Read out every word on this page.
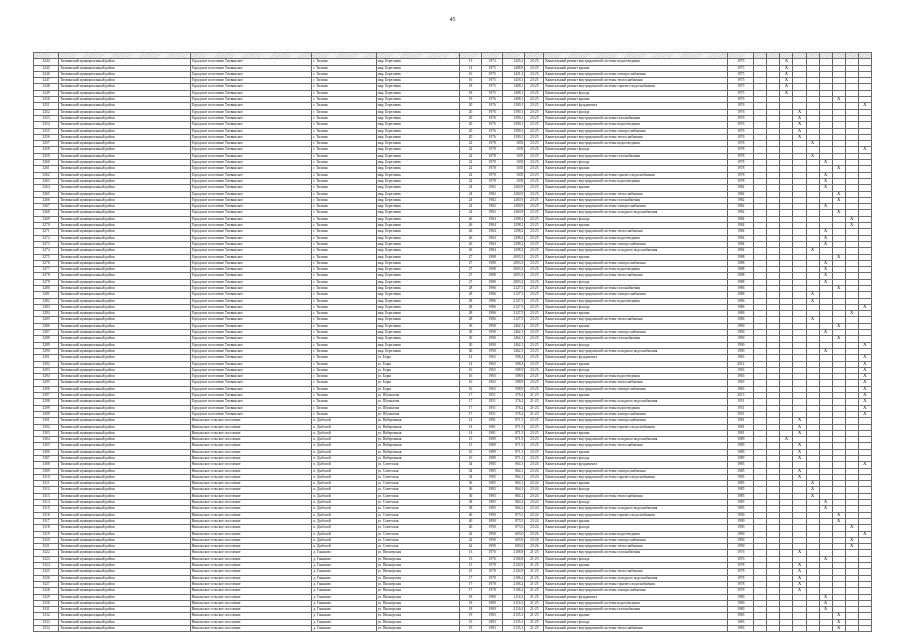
45

3244	Тихвинский муниципальный район	Городское поселение Тихвинское	г. Тихвин	мкр. Березовик	13	1973	1425,2	23-25	Капитальный ремонт внутридомовой системы водоотведения	1973			X						
3245	Тихвинский муниципальный район	Городское поселение Тихвинское	г. Тихвин	мкр. Березовик	14	1975	1408,9	23-25	Капитальный ремонт крыши	1975			X						
3246	Тихвинский муниципальный район	Городское поселение Тихвинское	г. Тихвин	мкр. Березовик	16	1975	1421,1	23-25	Капитальный ремонт внутридомовой системы электроснабжения	1975			X						
3247	Тихвинский муниципальный район	Городское поселение Тихвинское	г. Тихвин	мкр. Березовик	16	1975	1418,1	23-25	Капитальный ремонт внутридомовой системы теплоснабжения	1975			X						
3248	Тихвинский муниципальный район	Городское поселение Тихвинское	г. Тихвин	мкр. Березовик	18	1975	1408,1	23-25	Капитальный ремонт внутридомовой системы горячего водоснабжения	1975			X						
3249	Тихвинский муниципальный район	Городское поселение Тихвинское	г. Тихвин	мкр. Березовик	18	1975	1408,1	23-25	Капитальный ремонт фасада	1975			X						
3250	Тихвинский муниципальный район	Городское поселение Тихвинское	г. Тихвин	мкр. Березовик	19	1976	1408,1	23-25	Капитальный ремонт крыши	1976							X		
3251	Тихвинский муниципальный район	Городское поселение Тихвинское	г. Тихвин	мкр. Березовик	20	1976	1390,1	23-25	Капитальный ремонт фундамента	1976									X
3252	Тихвинский муниципальный район	Городское поселение Тихвинское	г. Тихвин	мкр. Березовик	20	1976	1390,1	23-25	Капитальный ремонт фасада	1976				X					
3253	Тихвинский муниципальный район	Городское поселение Тихвинское	г. Тихвин	мкр. Березовик	20	1976	1390,1	23-25	Капитальный ремонт внутридомовой системы газоснабжения	1976				X					
3254	Тихвинский муниципальный район	Городское поселение Тихвинское	г. Тихвин	мкр. Березовик	20	1976	1390,1	23-25	Капитальный ремонт внутридомовой системы водоотведения	1976				X					
3255	Тихвинский муниципальный район	Городское поселение Тихвинское	г. Тихвин	мкр. Березовик	20	1976	1390,1	23-25	Капитальный ремонт внутридомовой системы электроснабжения	1976				X					
3256	Тихвинский муниципальный район	Городское поселение Тихвинское	г. Тихвин	мкр. Березовик	20	1976	1390,1	23-25	Капитальный ремонт внутридомовой системы теплоснабжения	1976				X					
3257	Тихвинский муниципальный район	Городское поселение Тихвинское	г. Тихвин	мкр. Березовик	22	1978	1035	23-25	Капитальный ремонт внутридомовой системы водоотведения	1978					X				
3258	Тихвинский муниципальный район	Городское поселение Тихвинское	г. Тихвин	мкр. Березовик	22	1978	1035	23-25	Капитальный ремонт фасада	1978									X
3259	Тихвинский муниципальный район	Городское поселение Тихвинское	г. Тихвин	мкр. Березовик	22	1978	1035	23-25	Капитальный ремонт внутридомовой системы газоснабжения	1978					X				
3260	Тихвинский муниципальный район	Городское поселение Тихвинское	г. Тихвин	мкр. Березовик	22	1978	1035	23-25	Капитальный ремонт фасада	1978						X			
3261	Тихвинский муниципальный район	Городское поселение Тихвинское	г. Тихвин	мкр. Березовик	22	1978	1035	23-25	Капитальный ремонт крыши	1978							X		
3262	Тихвинский муниципальный район	Городское поселение Тихвинское	г. Тихвин	мкр. Березовик	22	1978	1035	23-25	Капитальный ремонт внутридомовой системы горячего водоснабжения	1978						X			
3263	Тихвинский муниципальный район	Городское поселение Тихвинское	г. Тихвин	мкр. Березовик	22	1978	1035	23-25	Капитальный ремонт внутридомовой системы водоотведения	1978						X			
3264	Тихвинский муниципальный район	Городское поселение Тихвинское	г. Тихвин	мкр. Березовик	24	1982	1260,9	23-25	Капитальный ремонт крыши	1982						X			
3265	Тихвинский муниципальный район	Городское поселение Тихвинское	г. Тихвин	мкр. Березовик	24	1982	1260,9	23-25	Капитальный ремонт внутридомовой системы теплоснабжения	1982							X		
3266	Тихвинский муниципальный район	Городское поселение Тихвинское	г. Тихвин	мкр. Березовик	24	1982	1260,9	23-25	Капитальный ремонт внутридомовой системы газоснабжения	1982							X		
3267	Тихвинский муниципальный район	Городское поселение Тихвинское	г. Тихвин	мкр. Березовик	24	1982	1260,9	23-25	Капитальный ремонт внутридомовой системы электроснабжения	1982						X			
3268	Тихвинский муниципальный район	Городское поселение Тихвинское	г. Тихвин	мкр. Березовик	24	1982	1260,9	23-25	Капитальный ремонт внутридомовой системы холодного водоснабжения	1982							X		
3269	Тихвинский муниципальный район	Городское поселение Тихвинское	г. Тихвин	мкр. Березовик	26	1984	1298,2	23-25	Капитальный ремонт фасада	1984								X	
3270	Тихвинский муниципальный район	Городское поселение Тихвинское	г. Тихвин	мкр. Березовик	26	1984	1298,2	23-25	Капитальный ремонт крыши	1984								X	
3271	Тихвинский муниципальный район	Городское поселение Тихвинское	г. Тихвин	мкр. Березовик	26	1984	1298,2	23-25	Капитальный ремонт внутридомовой системы теплоснабжения	1984						X			
3272	Тихвинский муниципальный район	Городское поселение Тихвинское	г. Тихвин	мкр. Березовик	26	1984	1298,2	23-25	Капитальный ремонт внутридомовой системы водоотведения	1984						X			
3273	Тихвинский муниципальный район	Городское поселение Тихвинское	г. Тихвин	мкр. Березовик	26	1984	1298,2	23-25	Капитальный ремонт внутридомовой системы электроснабжения	1984						X			
3274	Тихвинский муниципальный район	Городское поселение Тихвинское	г. Тихвин	мкр. Березовик	26	1984	1298,2	23-25	Капитальный ремонт внутридомовой системы холодного водоснабжения	1984					X				
3275	Тихвинский муниципальный район	Городское поселение Тихвинское	г. Тихвин	мкр. Березовик	27	1988	2003,3	23-25	Капитальный ремонт крыши	1988							X		
3276	Тихвинский муниципальный район	Городское поселение Тихвинское	г. Тихвин	мкр. Березовик	27	1988	2003,3	23-25	Капитальный ремонт внутридомовой системы электроснабжения	1988						X			
3277	Тихвинский муниципальный район	Городское поселение Тихвинское	г. Тихвин	мкр. Березовик	27	1988	2003,3	23-25	Капитальный ремонт внутридомовой системы водоотведения	1988						X			
3278	Тихвинский муниципальный район	Городское поселение Тихвинское	г. Тихвин	мкр. Березовик	27	1988	2003,3	23-25	Капитальный ремонт внутридомовой системы теплоснабжения	1988						X			
3279	Тихвинский муниципальный район	Городское поселение Тихвинское	г. Тихвин	мкр. Березовик	27	1988	2003,3	23-25	Капитальный ремонт фасада	1988						X			
3280	Тихвинский муниципальный район	Городское поселение Тихвинское	г. Тихвин	мкр. Березовик	28	1986	2127,5	23-25	Капитальный ремонт внутридомовой системы газоснабжения	1986							X		
3281	Тихвинский муниципальный район	Городское поселение Тихвинское	г. Тихвин	мкр. Березовик	28	1986	2127,5	23-25	Капитальный ремонт внутридомовой системы электроснабжения	1986					X				
3282	Тихвинский муниципальный район	Городское поселение Тихвинское	г. Тихвин	мкр. Березовик	28	1986	2127,5	23-25	Капитальный ремонт внутридомовой системы водоотведения	1986					X				
3283	Тихвинский муниципальный район	Городское поселение Тихвинское	г. Тихвин	мкр. Березовик	28	1986	2127,5	23-25	Капитальный ремонт фасада	1986									X
3284	Тихвинский муниципальный район	Городское поселение Тихвинское	г. Тихвин	мкр. Березовик	28	1986	2127,5	23-25	Капитальный ремонт крыши	1986								X	
3285	Тихвинский муниципальный район	Городское поселение Тихвинское	г. Тихвин	мкр. Березовик	28	1986	2127,5	23-25	Капитальный ремонт внутридомовой системы теплоснабжения	1986					X				
3286	Тихвинский муниципальный район	Городское поселение Тихвинское	г. Тихвин	мкр. Березовик	30	1990	1462,1	23-25	Капитальный ремонт крыши	1990							X		
3287	Тихвинский муниципальный район	Городское поселение Тихвинское	г. Тихвин	мкр. Березовик	30	1990	1462,1	23-25	Капитальный ремонт внутридомовой системы электроснабжения	1990						X			
3288	Тихвинский муниципальный район	Городское поселение Тихвинское	г. Тихвин	мкр. Березовик	30	1990	1462,1	23-25	Капитальный ремонт внутридомовой системы газоснабжения	1990							X		
3289	Тихвинский муниципальный район	Городское поселение Тихвинское	г. Тихвин	мкр. Березовик	30	1990	1462,1	23-25	Капитальный ремонт фасада	1990									X
3290	Тихвинский муниципальный район	Городское поселение Тихвинское	г. Тихвин	мкр. Березовик	30	1990	1462,1	23-25	Капитальный ремонт внутридомовой системы холодного водоснабжения	1990						X			
3291	Тихвинский муниципальный район	Городское поселение Тихвинское	г. Тихвин	ул. Боры	14	1965	508,4	23-25	Капитальный ремонт фундамента	1965									X
3292	Тихвинский муниципальный район	Городское поселение Тихвинское	г. Тихвин	ул. Боры	14	1965	508,4	23-25	Капитальный ремонт крыши	2014									X
3293	Тихвинский муниципальный район	Городское поселение Тихвинское	г. Тихвин	ул. Боры	16	1965	508,9	23-25	Капитальный ремонт фасада	1965									X
3294	Тихвинский муниципальный район	Городское поселение Тихвинское	г. Тихвин	ул. Боры	16	1965	508,9	23-25	Капитальный ремонт внутридомовой системы водоотведения	1965									X
3295	Тихвинский муниципальный район	Городское поселение Тихвинское	г. Тихвин	ул. Боры	16	1965	508,9	23-25	Капитальный ремонт внутридомовой системы теплоснабжения	1965									X
3296	Тихвинский муниципальный район	Городское поселение Тихвинское	г. Тихвин	ул. Боры	16	1965	508,9	23-25	Капитальный ремонт внутридомовой системы электроснабжения	1965									X
3297	Тихвинский муниципальный район	Городское поселение Тихвинское	г. Тихвин	ул. Шумилова	17	1951	376,2	21-23	Капитальный ремонт крыши	2013									X
3298	Тихвинский муниципальный район	Городское поселение Тихвинское	г. Тихвин	ул. Шумилова	17	1951	376,2	21-23	Капитальный ремонт внутридомовой системы холодного водоснабжения	1951									X
3299	Тихвинский муниципальный район	Городское поселение Тихвинское	г. Тихвин	ул. Шумилова	17	1951	376,2	21-23	Капитальный ремонт внутридомовой системы водоотведения	1951									X
3300	Тихвинский муниципальный район	Городское поселение Тихвинское	г. Тихвин	ул. Шумилова	17	1951	376,2	21-23	Капитальный ремонт внутридомовой системы электроснабжения	1951									X
3301	Тихвинский муниципальный район	Никольское сельское поселение	п. Дыбозой	ул. Набережная	14	1981	871,5	23-25	Капитальный ремонт внутридомовой системы электроснабжения	1981				X					
3302	Тихвинский муниципальный район	Никольское сельское поселение	п. Дыбозой	ул. Набережная	14	1981	871,5	23-25	Капитальный ремонт внутридомовой системы горячего водоснабжения	1981				X					
3303	Тихвинский муниципальный район	Никольское сельское поселение	п. Дыбозой	ул. Набережная	14	1981	871,5	23-25	Капитальный ремонт крыши	1981				X					
3304	Тихвинский муниципальный район	Никольское сельское поселение	п. Дыбозой	ул. Набережная	15	1989	871,5	23-25	Капитальный ремонт внутридомовой системы холодного водоснабжения	1989			X						
3305	Тихвинский муниципальный район	Никольское сельское поселение	п. Дыбозой	ул. Набережная	15	1989	871,5	23-25	Капитальный ремонт внутридомовой системы теплоснабжения	1989				X					
3306	Тихвинский муниципальный район	Никольское сельское поселение	п. Дыбозой	ул. Набережная	16	1989	871,1	23-25	Капитальный ремонт крыши	1989				X					
3307	Тихвинский муниципальный район	Никольское сельское поселение	п. Дыбозой	ул. Набережная	16	1989	871,1	23-25	Капитальный ремонт фасада	1989				X					
3308	Тихвинский муниципальный район	Никольское сельское поселение	п. Дыбозой	ул. Советская	34	1985	864,1	23-24	Капитальный ремонт фундамента	1985									X
3309	Тихвинский муниципальный район	Никольское сельское поселение	п. Дыбозой	ул. Советская	34	1985	864,1	23-24	Капитальный ремонт внутридомовой системы электроснабжения	1985				X					
3310	Тихвинский муниципальный район	Никольское сельское поселение	п. Дыбозой	ул. Советская	34	1985	864,1	23-24	Капитальный ремонт внутридомовой системы горячего водоснабжения	1985				X					
3311	Тихвинский муниципальный район	Никольское сельское поселение	п. Дыбозой	ул. Советская	36	1985	864,1	23-24	Капитальный ремонт крыши	1985					X				
3312	Тихвинский муниципальный район	Никольское сельское поселение	п. Дыбозой	ул. Советская	36	1985	864,1	23-24	Капитальный ремонт фасада	1985					X				
3313	Тихвинский муниципальный район	Никольское сельское поселение	п. Дыбозой	ул. Советская	36	1985	864,1	23-24	Капитальный ремонт внутридомовой системы теплоснабжения	1985					X				
3314	Тихвинский муниципальный район	Никольское сельское поселение	п. Дыбозой	ул. Советская	38	1985	864,2	23-24	Капитальный ремонт фасада	1985						X			
3315	Тихвинский муниципальный район	Никольское сельское поселение	п. Дыбозой	ул. Советская	38	1985	864,2	23-24	Капитальный ремонт внутридомовой системы холодного водоснабжения	1985						X			
3316	Тихвинский муниципальный район	Никольское сельское поселение	п. Дыбозой	ул. Советская	40	1990	873,5	23-24	Капитальный ремонт внутридомовой системы горячего водоснабжения	1990							X		
3317	Тихвинский муниципальный район	Никольское сельское поселение	п. Дыбозой	ул. Советская	40	1990	873,5	23-24	Капитальный ремонт крыши	1990							X		
3318	Тихвинский муниципальный район	Никольское сельское поселение	п. Дыбозой	ул. Советская	40	1990	873,5	23-24	Капитальный ремонт фасада	1990								X	
3319	Тихвинский муниципальный район	Никольское сельское поселение	п. Дыбозой	ул. Советская	42	1990	603,0	23-26	Капитальный ремонт внутридомовой системы водоотведения	1990									X
3320	Тихвинский муниципальный район	Никольское сельское поселение	п. Дыбозой	ул. Советская	42	1990	603,0	23-26	Капитальный ремонт внутридомовой системы электроснабжения	1990								X	
3321	Тихвинский муниципальный район	Никольское сельское поселение	п. Дыбозой	ул. Советская	42	1990	603,0	23-26	Капитальный ремонт внутридомовой системы теплоснабжения	1990								X	
3322	Тихвинский муниципальный район	Никольское сельское поселение	д. Ганьково	ул. Пионерская	13	1976	2108,8	21-25	Капитальный ремонт внутридомовой системы газоснабжения	1976				X					
3323	Тихвинский муниципальный район	Никольское сельское поселение	д. Ганьково	ул. Пионерская	13	1976	2108,8	21-25	Капитальный ремонт фасада	1976						X			
3324	Тихвинский муниципальный район	Никольское сельское поселение	д. Ганьково	ул. Пионерская	15	1978	2124,9	21-25	Капитальный ремонт крыши	1978				X					
3325	Тихвинский муниципальный район	Никольское сельское поселение	д. Ганьково	ул. Пионерская	15	1978	2124,9	21-25	Капитальный ремонт внутридомовой системы теплоснабжения	1978				X					
3326	Тихвинский муниципальный район	Никольское сельское поселение	д. Ганьково	ул. Пионерская	17	1978	2106,2	21-25	Капитальный ремонт внутридомовой системы холодного водоснабжения	1978				X					
3327	Тихвинский муниципальный район	Никольское сельское поселение	д. Ганьково	ул. Пионерская	17	1978	2106,2	21-25	Капитальный ремонт внутридомовой системы горячего водоснабжения	1978				X					
3328	Тихвинский муниципальный район	Никольское сельское поселение	д. Ганьково	ул. Пионерская	17	1978	2106,2	21-25	Капитальный ремонт внутридомовой системы электроснабжения	1978				X					
3329	Тихвинский муниципальный район	Никольское сельское поселение	д. Ганьково	ул. Пионерская	18	1980	2116,3	21-25	Капитальный ремонт фундамента	1980						X			
3330	Тихвинский муниципальный район	Никольское сельское поселение	д. Ганьково	ул. Пионерская	18	1980	2116,3	21-25	Капитальный ремонт внутридомовой системы водоотведения	1980						X			
3331	Тихвинский муниципальный район	Никольское сельское поселение	д. Ганьково	ул. Пионерская	18	1980	2116,3	21-25	Капитальный ремонт внутридомовой системы газоснабжения	1980						X			
3332	Тихвинский муниципальный район	Никольское сельское поселение	д. Ганьково	ул. Пионерская	19	1983	2135,1	21-25	Капитальный ремонт крыши	1983							X		
3333	Тихвинский муниципальный район	Никольское сельское поселение	д. Ганьково	ул. Пионерская	19	1983	2135,1	21-25	Капитальный ремонт фасада	1983							X		
3334	Тихвинский муниципальный район	Никольское сельское поселение	д. Ганьково	ул. Пионерская	19	1983	2135,1	21-25	Капитальный ремонт внутридомовой системы теплоснабжения	1983							X		
